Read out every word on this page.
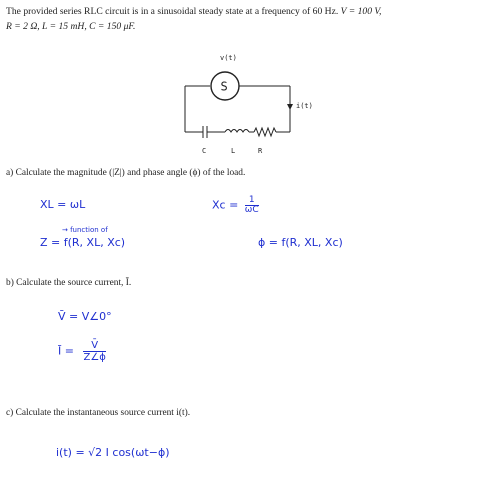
The provided series RLC circuit is in a sinusoidal steady state at a frequency of 60 Hz. V = 100 V,
R = 2 Ω, L = 15 mH, C = 150 μF.
v(t)
S
i(t)
C	L	R
a) Calculate the magnitude (|Z|) and phase angle (ϕ) of the load.
XL = ωL	$Xc = \frac{1}{\omega C}$
→ function of
Z = f(R, XL, Xc)	ϕ = f(R, XL, Xc)
b) Calculate the source current, Ī.
V̄ = V∠0°
Ī = $\frac{V̄}{Z\angle\phi}$
c) Calculate the instantaneous source current i(t).
i(t) = √2 I cos(ωt−ϕ)
